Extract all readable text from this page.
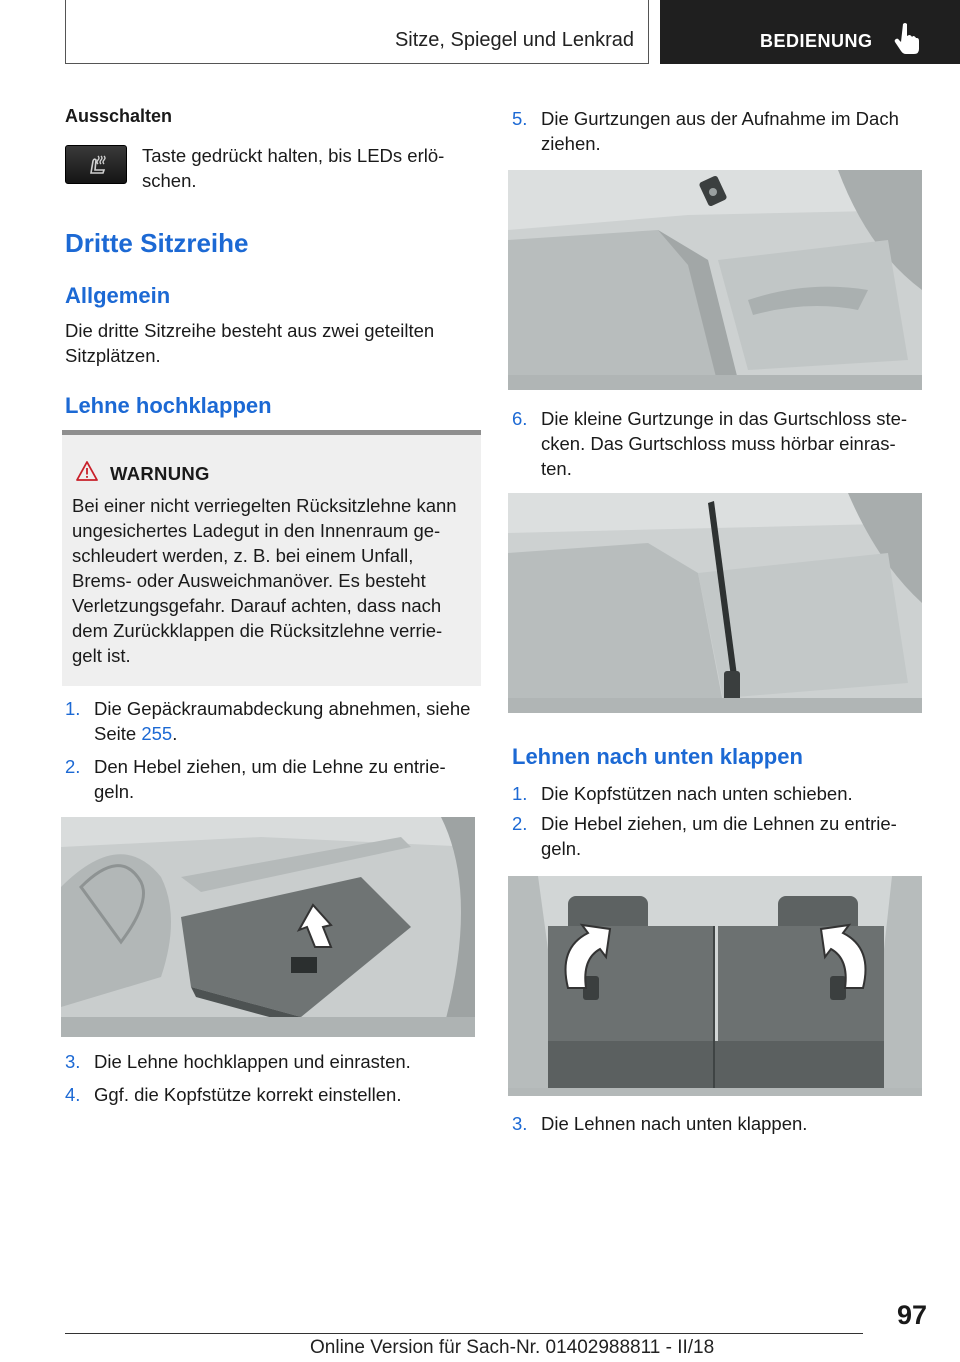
Sitze, Spiegel und Lenkrad	BEDIENUNG
Ausschalten
Taste gedrückt halten, bis LEDs erlö‐
schen.
Dritte Sitzreihe
Allgemein
Die dritte Sitzreihe besteht aus zwei geteilten
Sitzplätzen.
Lehne hochklappen
WARNUNG
Bei einer nicht verriegelten Rücksitzlehne kann
ungesichertes Ladegut in den Innenraum ge‐
schleudert werden, z. B. bei einem Unfall,
Brems- oder Ausweichmanöver. Es besteht
Verletzungsgefahr. Darauf achten, dass nach
dem Zurückklappen die Rücksitzlehne verrie‐
gelt ist.
1. Die Gepäckraumabdeckung abnehmen, siehe
Seite 255.
2. Den Hebel ziehen, um die Lehne zu entrie‐
geln.
3. Die Lehne hochklappen und einrasten.
4. Ggf. die Kopfstütze korrekt einstellen.
5. Die Gurtzungen aus der Aufnahme im Dach
ziehen.
6. Die kleine Gurtzunge in das Gurtschloss ste‐
cken. Das Gurtschloss muss hörbar einras‐
ten.
Lehnen nach unten klappen
1. Die Kopfstützen nach unten schieben.
2. Die Hebel ziehen, um die Lehnen zu entrie‐
geln.
3. Die Lehnen nach unten klappen.
97
Online Version für Sach-Nr. 01402988811 - II/18
